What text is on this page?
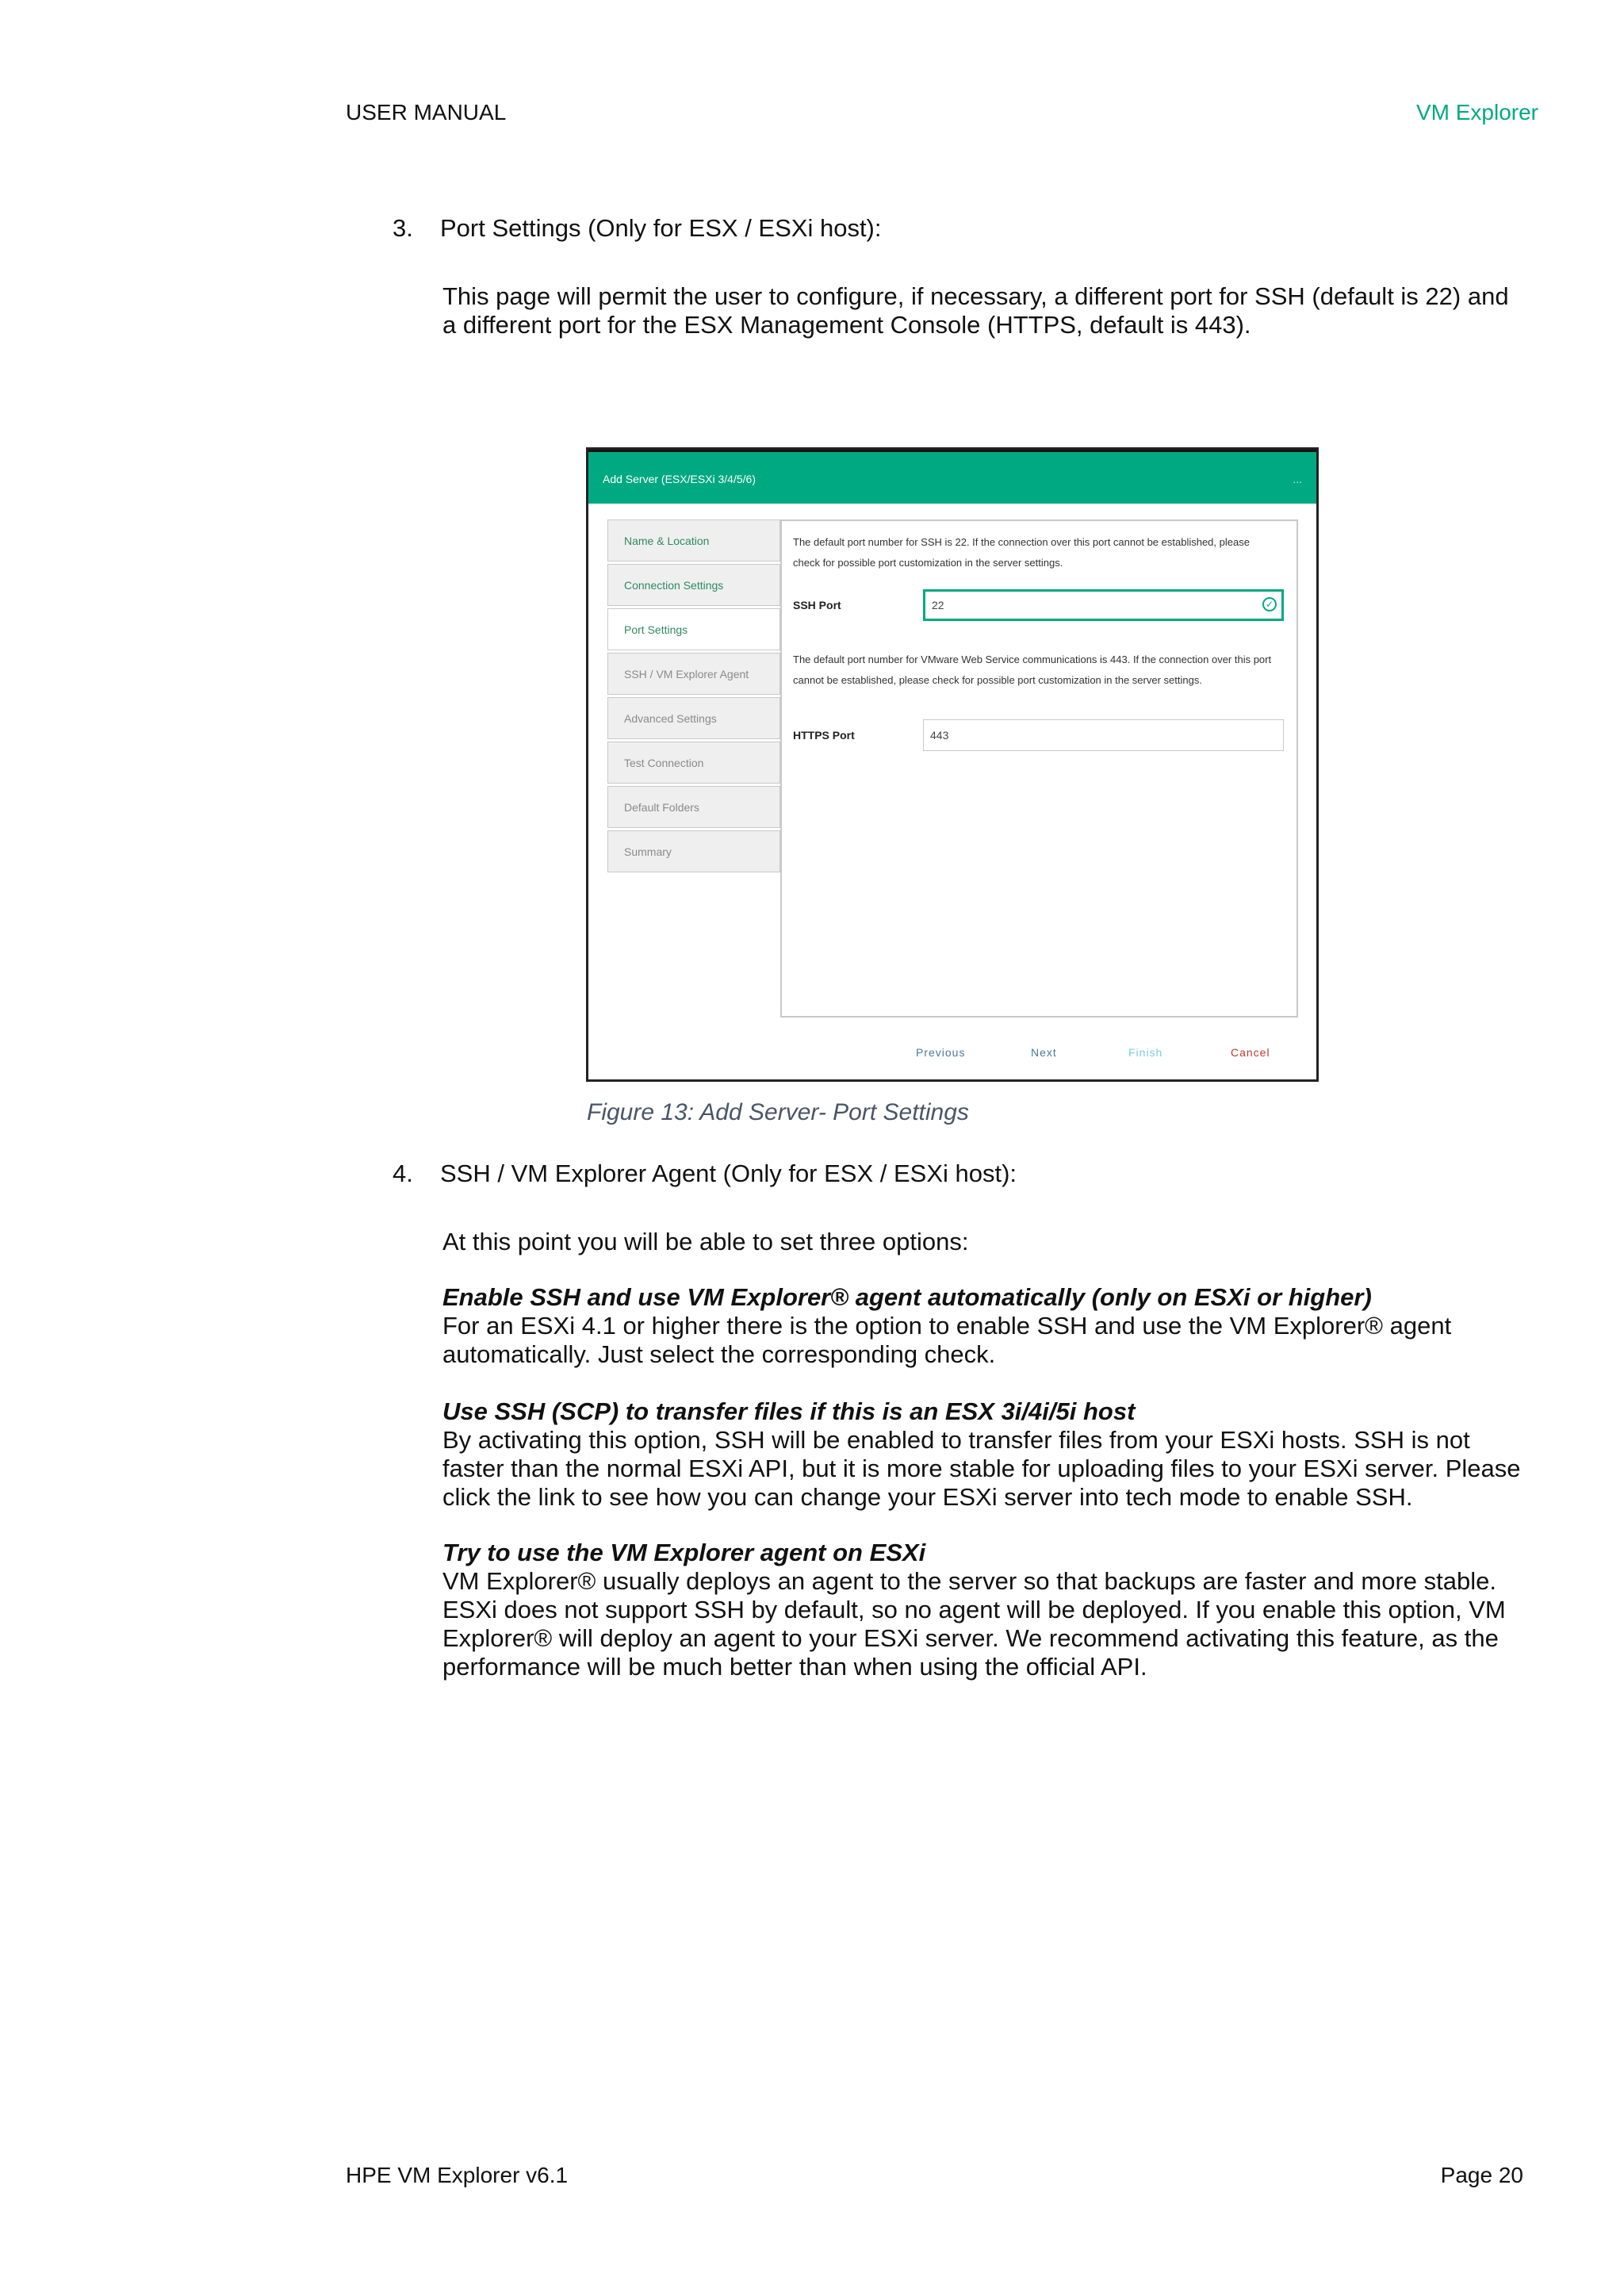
USER MANUAL	VM Explorer
3. Port Settings (Only for ESX / ESXi host):
This page will permit the user to configure, if necessary, a different port for SSH (default is 22) and a different port for the ESX Management Console (HTTPS, default is 443).
Add Server (ESX/ESXi 3/4/5/6)	...
Name & Location
Connection Settings
Port Settings
SSH / VM Explorer Agent
Advanced Settings
Test Connection
Default Folders
Summary
The default port number for SSH is 22. If the connection over this port cannot be established, please check for possible port customization in the server settings.
SSH Port	22	✓
The default port number for VMware Web Service communications is 443. If the connection over this port cannot be established, please check for possible port customization in the server settings.
HTTPS Port	443
Previous	Next	Finish	Cancel
Figure 13: Add Server- Port Settings
4. SSH / VM Explorer Agent (Only for ESX / ESXi host):
At this point you will be able to set three options:
Enable SSH and use VM Explorer® agent automatically (only on ESXi or higher)
For an ESXi 4.1 or higher there is the option to enable SSH and use the VM Explorer® agent automatically. Just select the corresponding check.
Use SSH (SCP) to transfer files if this is an ESX 3i/4i/5i host
By activating this option, SSH will be enabled to transfer files from your ESXi hosts. SSH is not faster than the normal ESXi API, but it is more stable for uploading files to your ESXi server. Please click the link to see how you can change your ESXi server into tech mode to enable SSH.
Try to use the VM Explorer agent on ESXi
VM Explorer® usually deploys an agent to the server so that backups are faster and more stable. ESXi does not support SSH by default, so no agent will be deployed. If you enable this option, VM Explorer® will deploy an agent to your ESXi server. We recommend activating this feature, as the performance will be much better than when using the official API.
HPE VM Explorer v6.1	Page 20
